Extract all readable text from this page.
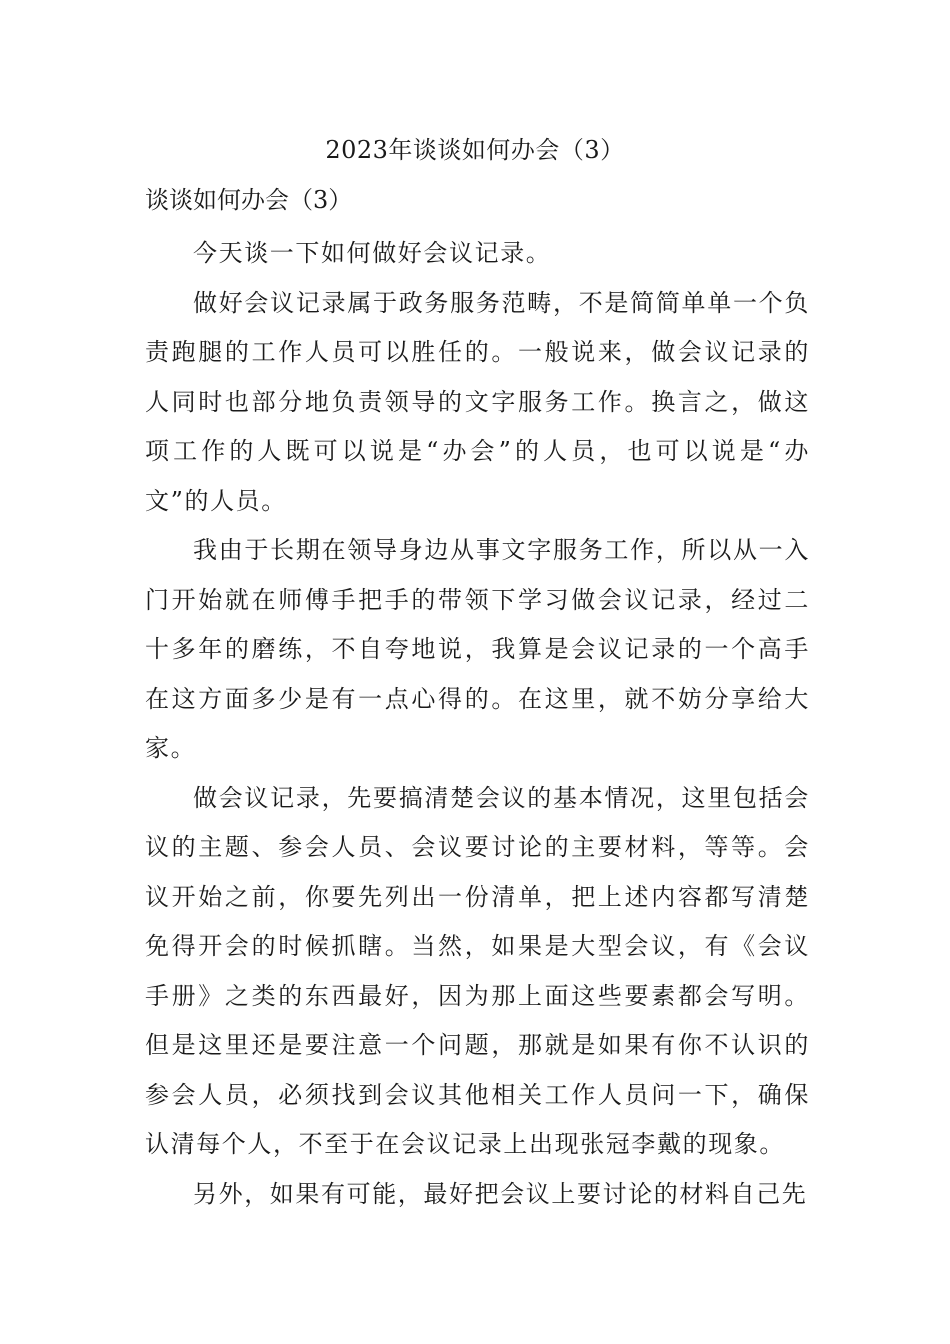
2023年谈谈如何办会（3）
谈谈如何办会（3）

今天谈一下如何做好会议记录。

做好会议记录属于政务服务范畴，不是简简单单一个负责跑腿的工作人员可以胜任的。一般说来，做会议记录的人同时也部分地负责领导的文字服务工作。换言之，做这项工作的人既可以说是“办会”的人员，也可以说是“办文”的人员。

我由于长期在领导身边从事文字服务工作，所以从一入门开始就在师傅手把手的带领下学习做会议记录，经过二十多年的磨练，不自夸地说，我算是会议记录的一个高手在这方面多少是有一点心得的。在这里，就不妨分享给大家。

做会议记录，先要搞清楚会议的基本情况，这里包括会议的主题、参会人员、会议要讨论的主要材料，等等。会议开始之前，你要先列出一份清单，把上述内容都写清楚免得开会的时候抓瞎。当然，如果是大型会议，有《会议手册》之类的东西最好，因为那上面这些要素都会写明。但是这里还是要注意一个问题，那就是如果有你不认识的参会人员，必须找到会议其他相关工作人员问一下，确保认清每个人，不至于在会议记录上出现张冠李戴的现象。

另外，如果有可能，最好把会议上要讨论的材料自己先
